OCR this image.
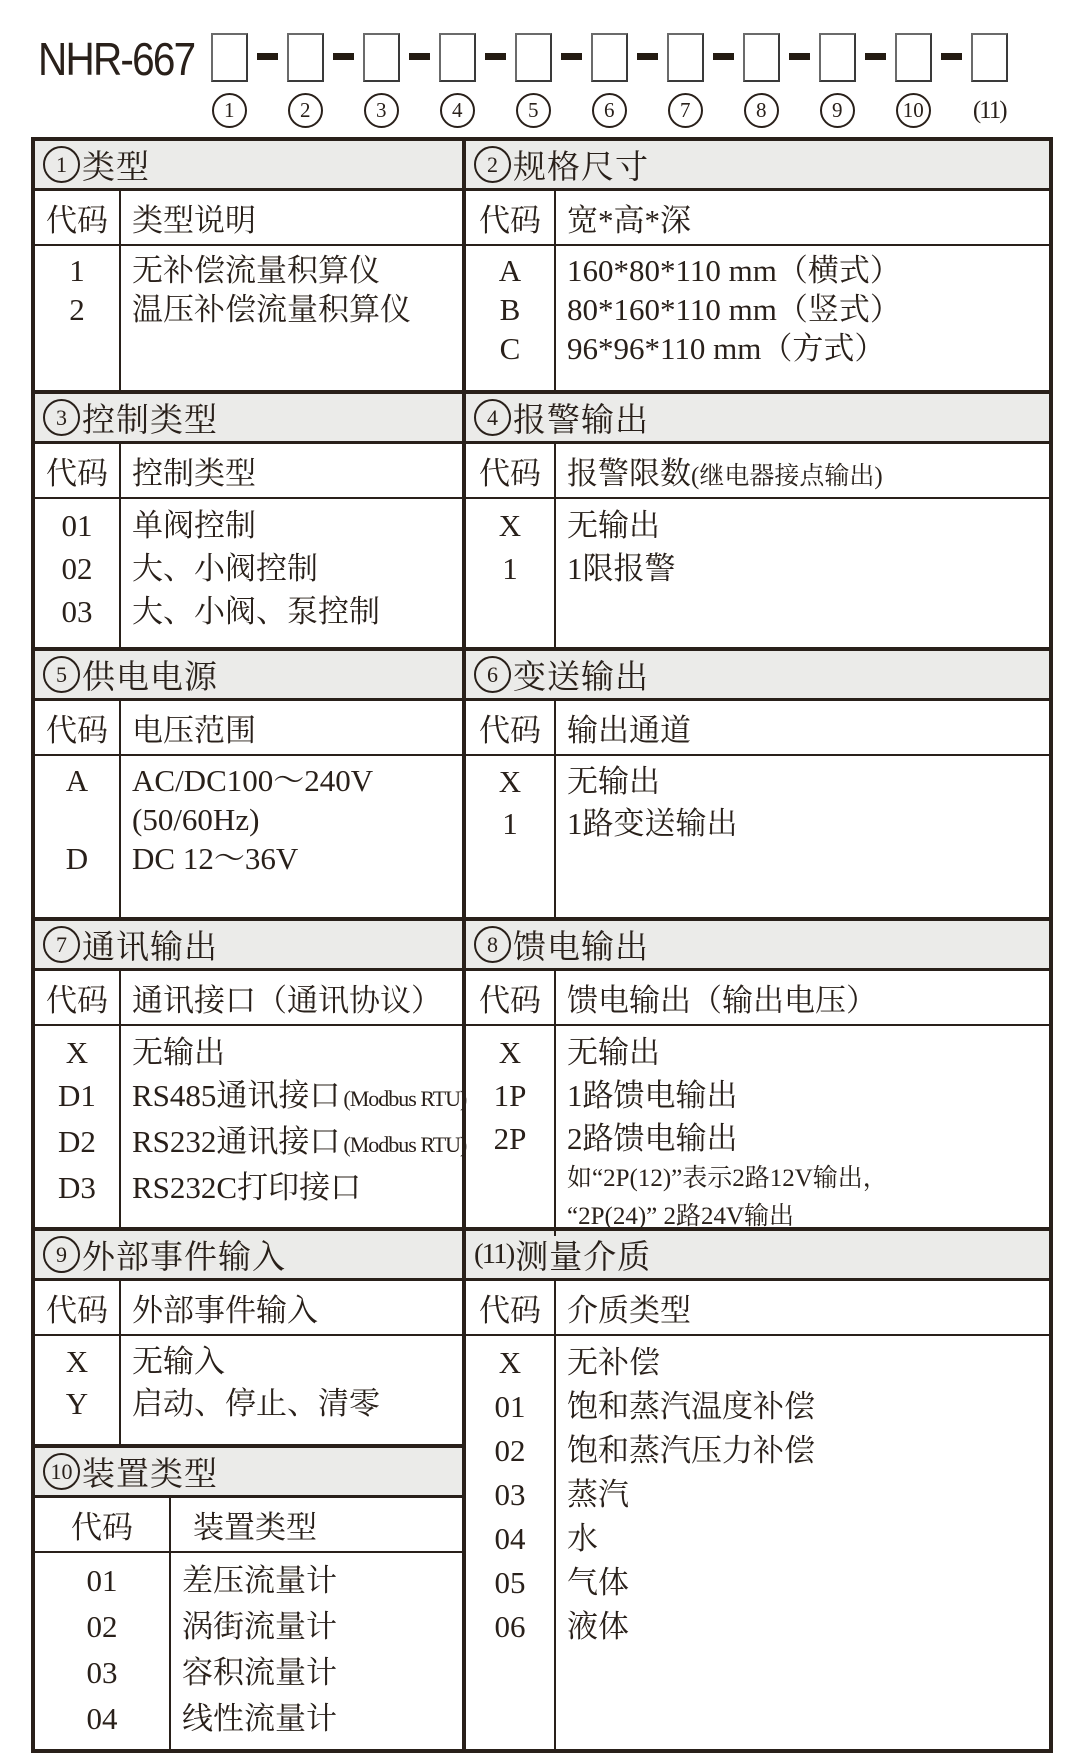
NHR-667
1	2	3	4	5	6	7	8	9	10 (11)
1 类型
代码 类型说明
1	无补偿流量积算仪
2	温压补偿流量积算仪
3 控制类型
代码 控制类型
01	单阀控制
02	大、小阀控制
03	大、小阀、泵控制
5 供电电源
代码 电压范围
A	AC/DC100～240V
(50/60Hz)
D	DC 12～36V
7 通讯输出
代码 通讯接口（通讯协议）
X	无输出
D1	RS485通讯接口 (Modbus RTU)
D2	RS232通讯接口 (Modbus RTU)
D3	RS232C打印接口
9 外部事件输入
代码 外部事件输入
X	无输入
Y	启动、停止、清零
10 装置类型
代码	装置类型
01	差压流量计
02	涡街流量计
03	容积流量计
04	线性流量计
2 规格尺寸
代码 宽*高*深
A	160*80*110 mm（横式）
B	80*160*110 mm（竖式）
C	96*96*110 mm（方式）
4 报警输出
代码 报警限数 (继电器接点输出)
X	无输出
1	1限报警
6 变送输出
代码 输出通道
X	无输出
1	1路变送输出
8 馈电输出
代码 馈电输出（输出电压）
X	无输出
1P	1路馈电输出
2P	2路馈电输出
如“2P(12)”表示2路12V输出，
“2P(24)” 2路24V输出
(11) 测量介质
代码 介质类型
X	无补偿
01	饱和蒸汽温度补偿
02	饱和蒸汽压力补偿
03	蒸汽
04	水
05	气体
06	液体
